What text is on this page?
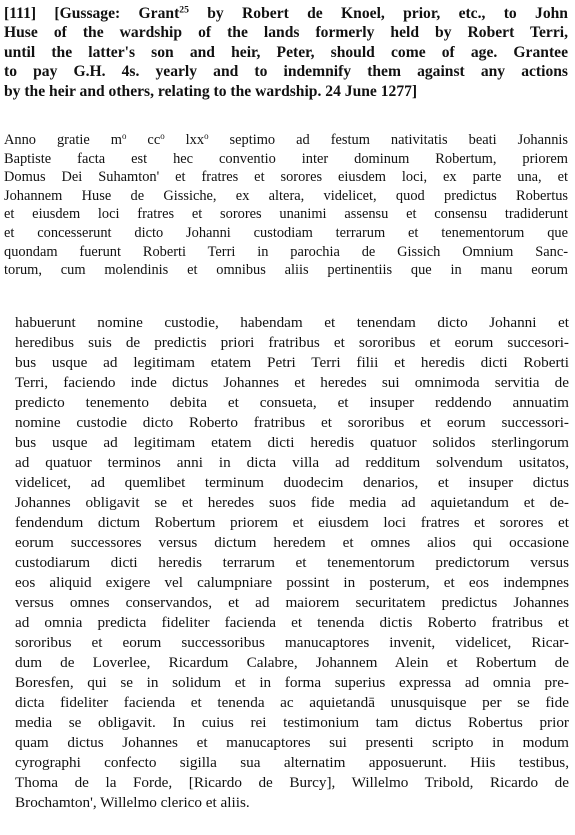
[111] [Gussage: Grant$^{25}$ by Robert de Knoel, prior, etc., to John
Huse of the wardship of the lands formerly held by Robert Terri,
until the latter's son and heir, Peter, should come of age. Grantee
to pay G.H. 4s. yearly and to indemnify them against any actions
by the heir and others, relating to the wardship. 24 June 1277]
Anno gratie $m^o$ $cc^o$ lxx$^o$ septimo ad festum nativitatis beati Johannis
Baptiste facta est hec conventio inter dominum Robertum, priorem
Domus Dei Suhamton' et fratres et sorores eiusdem loci, ex parte una, et
Johannem Huse de Gissiche, ex altera, videlicet, quod predictus Robertus
et eiusdem loci fratres et sorores unanimi assensu et consensu tradiderunt
et concesserunt dicto Johanni custodiam terrarum et tenementorum que
quondam fuerunt Roberti Terri in parochia de Gissich Omnium Sanc-
torum, cum molendinis et omnibus aliis pertinentiis que in manu eorum
habuerunt nomine custodie, habendam et tenendam dicto Johanni et
heredibus suis de predictis priori fratribus et sororibus et eorum succesori-
bus usque ad legitimam etatem Petri Terri filii et heredis dicti Roberti
Terri, faciendo inde dictus Johannes et heredes sui omnimoda servitia de
predicto tenemento debita et consueta, et insuper reddendo annuatim
nomine custodie dicto Roberto fratribus et sororibus et eorum successori-
bus usque ad legitimam etatem dicti heredis quatuor solidos sterlingorum
ad quatuor terminos anni in dicta villa ad redditum solvendum usitatos,
videlicet, ad quemlibet terminum duodecim denarios, et insuper dictus
Johannes obligavit se et heredes suos fide media ad aquietandum et de-
fendendum dictum Robertum priorem et eiusdem loci fratres et sorores et
eorum successores versus dictum heredem et omnes alios qui occasione
custodiarum dicti heredis terrarum et tenementorum predictorum versus
eos aliquid exigere vel calumpniare possint in posterum, et eos indempnes
versus omnes conservandos, et ad maiorem securitatem predictus Johannes
ad omnia predicta fideliter facienda et tenenda dictis Roberto fratribus et
sororibus et eorum successoribus manucaptores invenit, videlicet, Ricar-
dum de Loverlee, Ricardum Calabre, Johannem Alein et Robertum de
Boresfen, qui se in solidum et in forma superius expressa ad omnia pre-
dicta fideliter facienda et tenenda ac aquietandā unusquisque per se fide
media se obligavit. In cuius rei testimonium tam dictus Robertus prior
quam dictus Johannes et manucaptores sui presenti scripto in modum
cyrographi confecto sigilla sua alternatim apposuerunt. Hiis testibus,
Thoma de la Forde, [Ricardo de Burcy], Willelmo Tribold, Ricardo de
Brochamton', Willelmo clerico et aliis.
